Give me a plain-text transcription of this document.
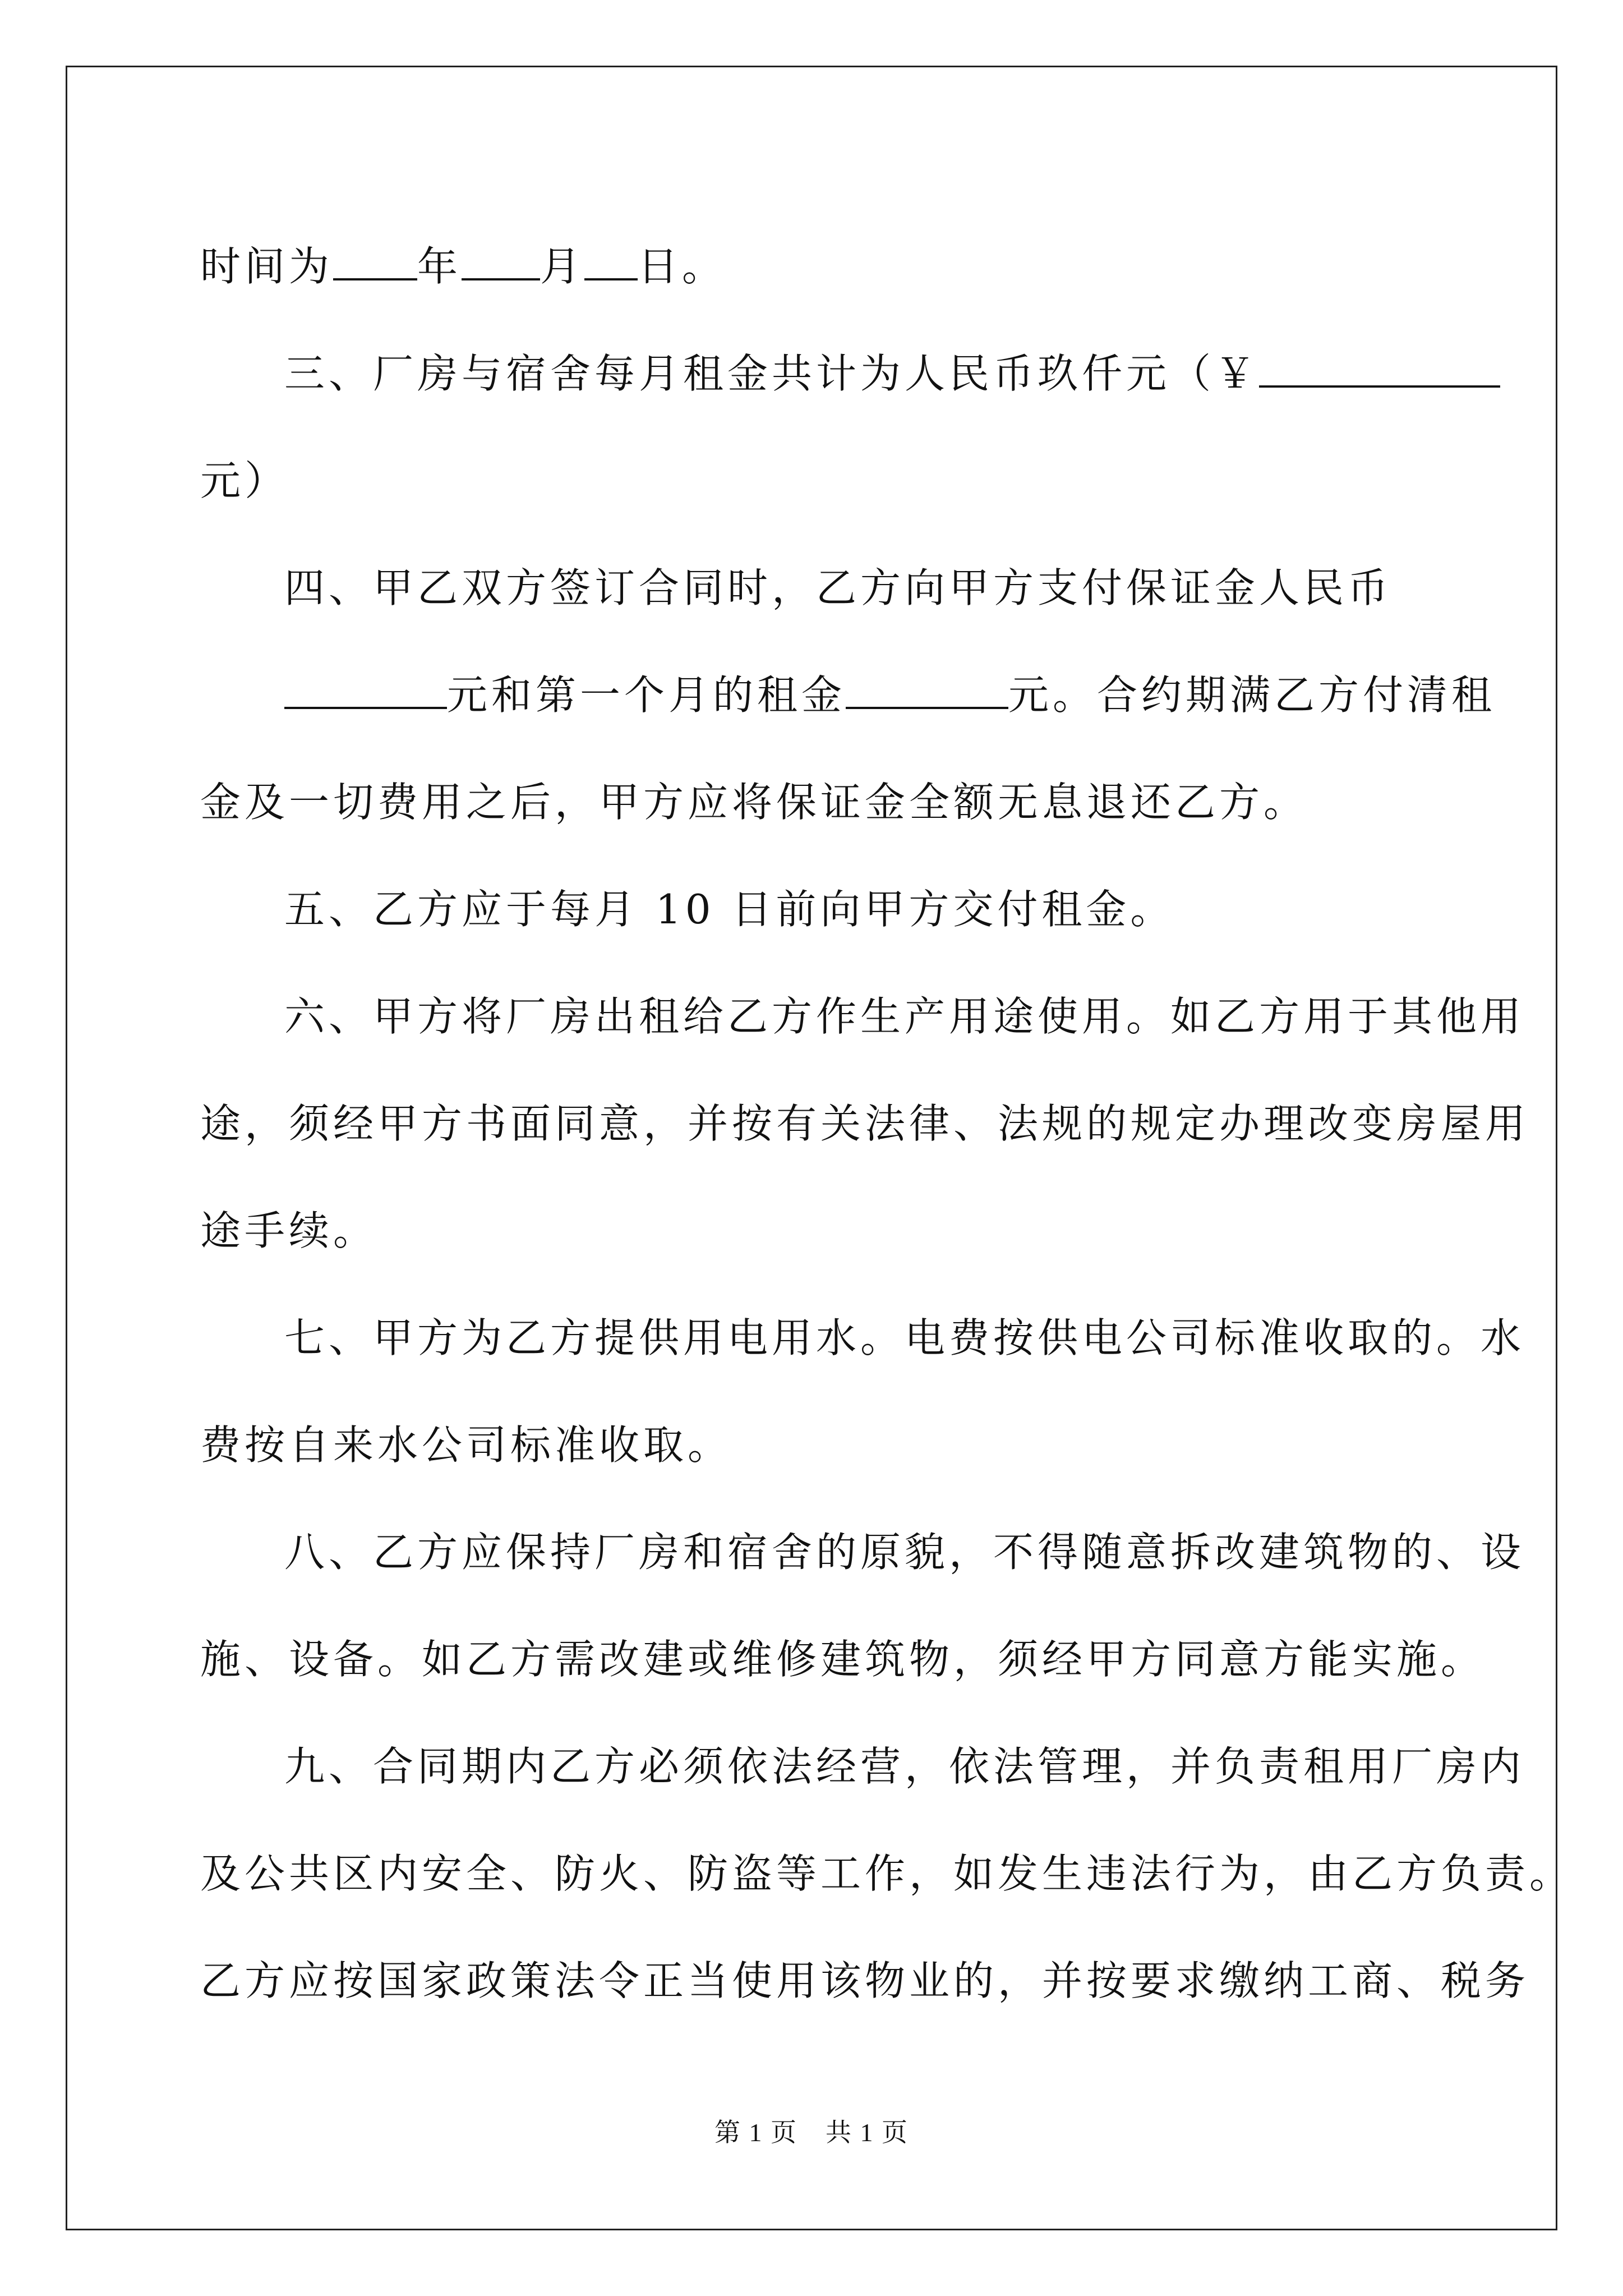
时间为 年 月 日。
三、厂房与宿舍每月租金共计为人民币玖仟元（￥
元）
四、甲乙双方签订合同时，乙方向甲方支付保证金人民币
元和第一个月的租金	元。合约期满乙方付清租
金及一切费用之后，甲方应将保证金全额无息退还乙方。
五、乙方应于每月 10 日前向甲方交付租金。
六、甲方将厂房出租给乙方作生产用途使用。如乙方用于其他用
途，须经甲方书面同意，并按有关法律、法规的规定办理改变房屋用
途手续。
七、甲方为乙方提供用电用水。电费按供电公司标准收取的。水
费按自来水公司标准收取。
八、乙方应保持厂房和宿舍的原貌，不得随意拆改建筑物的、设
施、设备。如乙方需改建或维修建筑物，须经甲方同意方能实施。
九、合同期内乙方必须依法经营，依法管理，并负责租用厂房内
及公共区内安全、防火、防盗等工作，如发生违法行为，由乙方负责。
乙方应按国家政策法令正当使用该物业的，并按要求缴纳工商、税务
第 1 页 共 1 页
